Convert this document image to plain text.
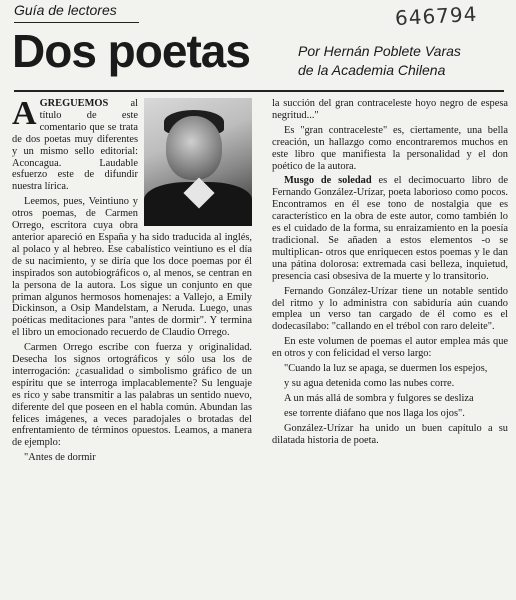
Guía de lectores	646794
Dos poetas	Por Hernán Poblete Varas
de la Academia Chilena

A GREGUEMOS al título de este comentario que se trata de dos poetas muy diferentes y un mismo sello editorial: Aconcagua. Laudable esfuerzo este de difundir nuestra lírica.

Leemos, pues, Veintiuno y otros poemas, de Carmen Orrego, escritora cuya obra anterior apareció en España y ha sido traducida al inglés, al polaco y al hebreo. Ese cabalístico veintiuno es el día de su nacimiento, y se diría que los doce poemas por él inspirados son autobiográficos o, al menos, se centran en la persona de la autora. Los sigue un conjunto en que priman algunos hermosos homenajes: a Vallejo, a Emily Dickinson, a Osip Mandelstam, a Neruda. Luego, unas poéticas meditaciones para "antes de dormir". Y termina el libro un emocionado recuerdo de Claudio Orrego.

Carmen Orrego escribe con fuerza y originalidad. Desecha los signos ortográficos y sólo usa los de interrogación: ¿casualidad o simbolismo gráfico de un espíritu que se interroga implacablemente? Su lenguaje es rico y sabe transmitir a las palabras un sentido nuevo, diferente del que poseen en el habla común. Abundan las felices imágenes, a veces paradojales o brotadas del enfrentamiento de términos opuestos. Leamos, a manera de ejemplo:

"Antes de dormir

la succión del gran contraceleste hoyo negro de espesa negritud..."

Es "gran contraceleste" es, ciertamente, una bella creación, un hallazgo como encontraremos muchos en este libro que manifiesta la personalidad y el don poético de la autora.

Musgo de soledad es el decimocuarto libro de Fernando González-Urízar, poeta laborioso como pocos. Encontramos en él ese tono de nostalgia que es característico en la obra de este autor, como también lo es el cuidado de la forma, su enraizamiento en la poesía tradicional. Se añaden a estos elementos -o se multiplican- otros que enriquecen estos poemas y le dan una pátina dolorosa: extremada casi belleza, inquietud, presencia casi obsesiva de la muerte y lo transitorio.

Fernando González-Urízar tiene un notable sentido del ritmo y lo administra con sabiduría aún cuando emplea un verso tan cargado de él como es el dodecasílabo: "callando en el trébol con raro deleite".

En este volumen de poemas el autor emplea más que en otros y con felicidad el verso largo:

"Cuando la luz se apaga, se duermen los espejos,

y su agua detenida como las nubes corre.

A un más allá de sombra y fulgores se desliza

ese torrente diáfano que nos llaga los ojos".

González-Urízar ha unido un buen capítulo a su dilatada historia de poeta.
